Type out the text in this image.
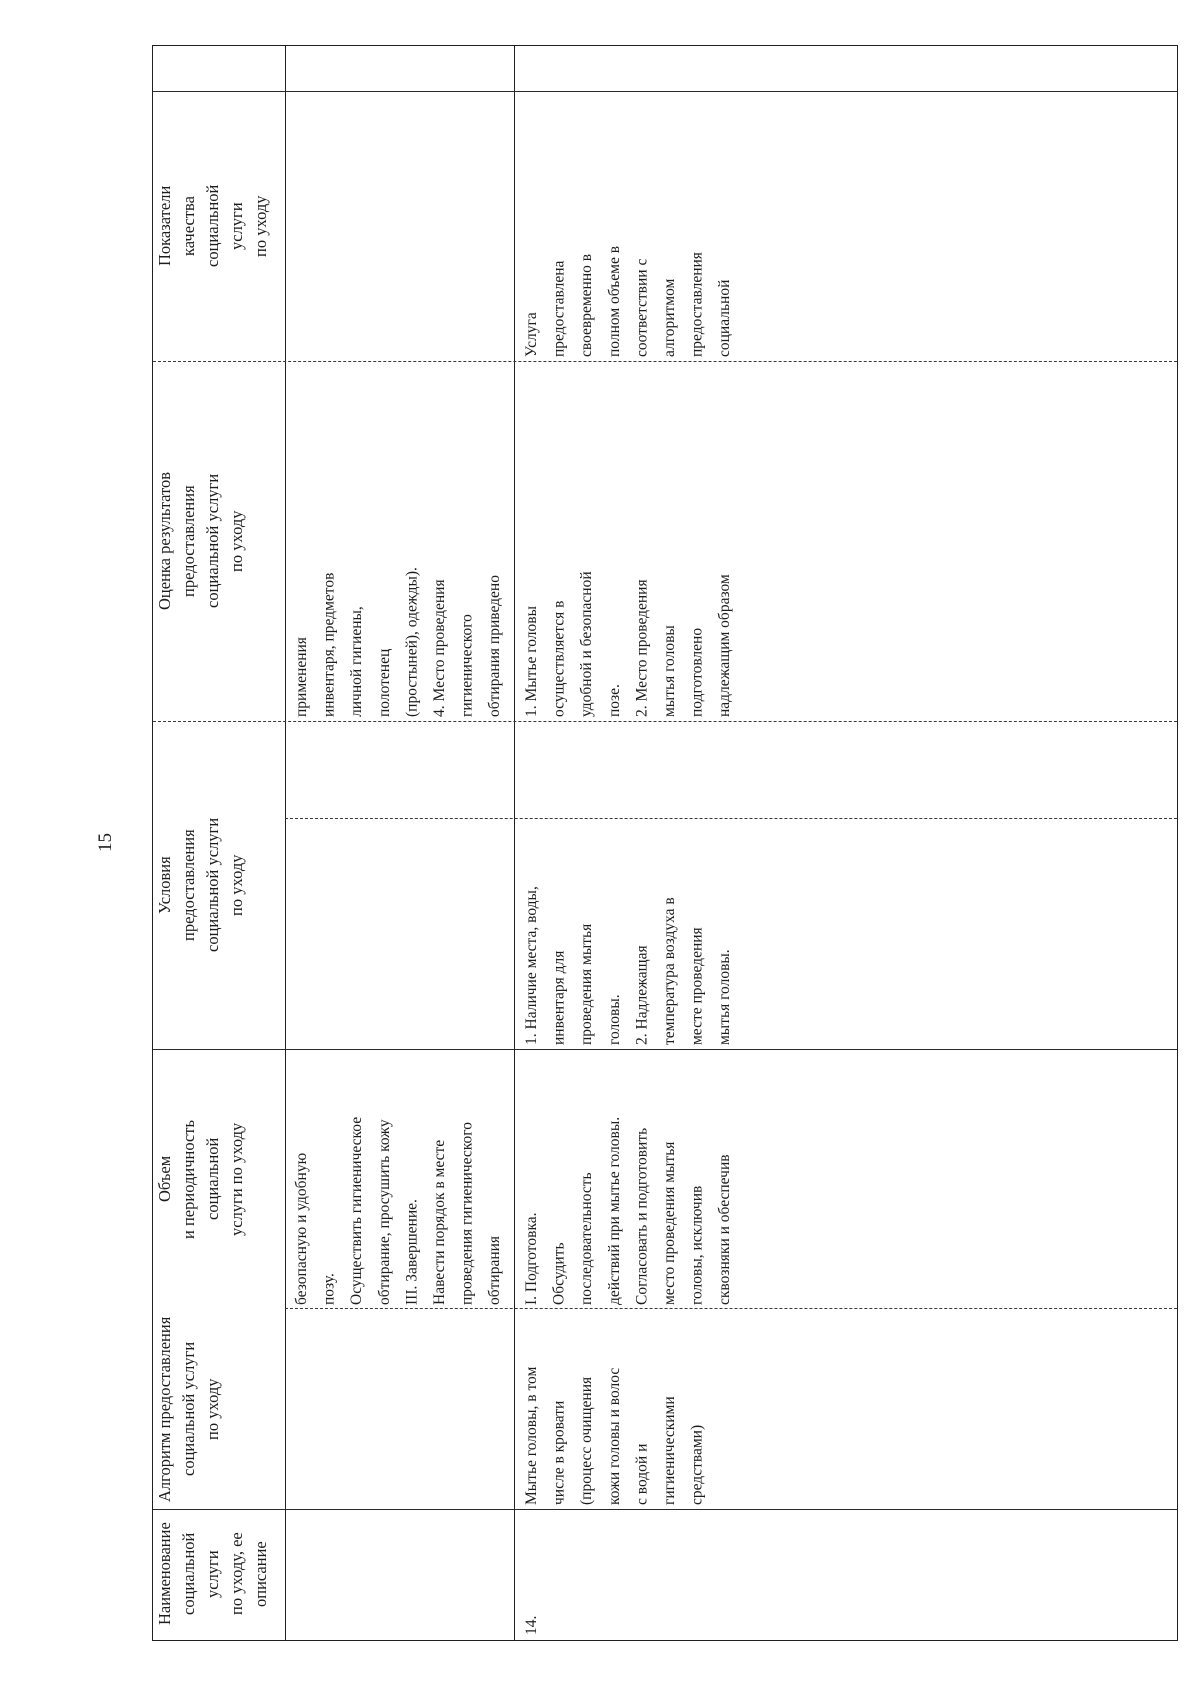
15
Показатели
качества
социальной
услуги
по уходу
Оценка результатов
предоставления
социальной услуги
по уходу
Условия
предоставления
социальной услуги
по уходу
Объем
и периодичность
социальной
услуги по уходу
Алгоритм предоставления
социальной услуги
по уходу
Наименование
социальной услуги
по уходу, ее описание
применения
инвентаря, предметов
личной гигиены,
полотенец
(простыней), одежды).
4. Место проведения
гигиенического
обтирания приведено

безопасную и удобную
позу.
Осуществить гигиеническое
обтирание, просушить кожу
III. Завершение.
Навести порядок в месте
проведения гигиенического
обтирания
Услуга
предоставлена
своевременно в
полном объеме в
соответствии с
алгоритмом
предоставления
социальной

1. Мытье головы
осуществляется в
удобной и безопасной
позе.
2. Место проведения
мытья головы
подготовлено
надлежащим образом

1. Наличие места, воды,
инвентаря для
проведения мытья
головы.
2. Надлежащая
температура воздуха в
месте проведения
мытья головы.

I. Подготовка.
Обсудить
последовательность
действий при мытье головы.
Согласовать и подготовить
место проведения мытья
головы, исключив
сквозняки и обеспечив

Мытье головы, в том
числе в кровати
(процесс очищения
кожи головы и волос
с водой и
гигиеническими
средствами)
14.
